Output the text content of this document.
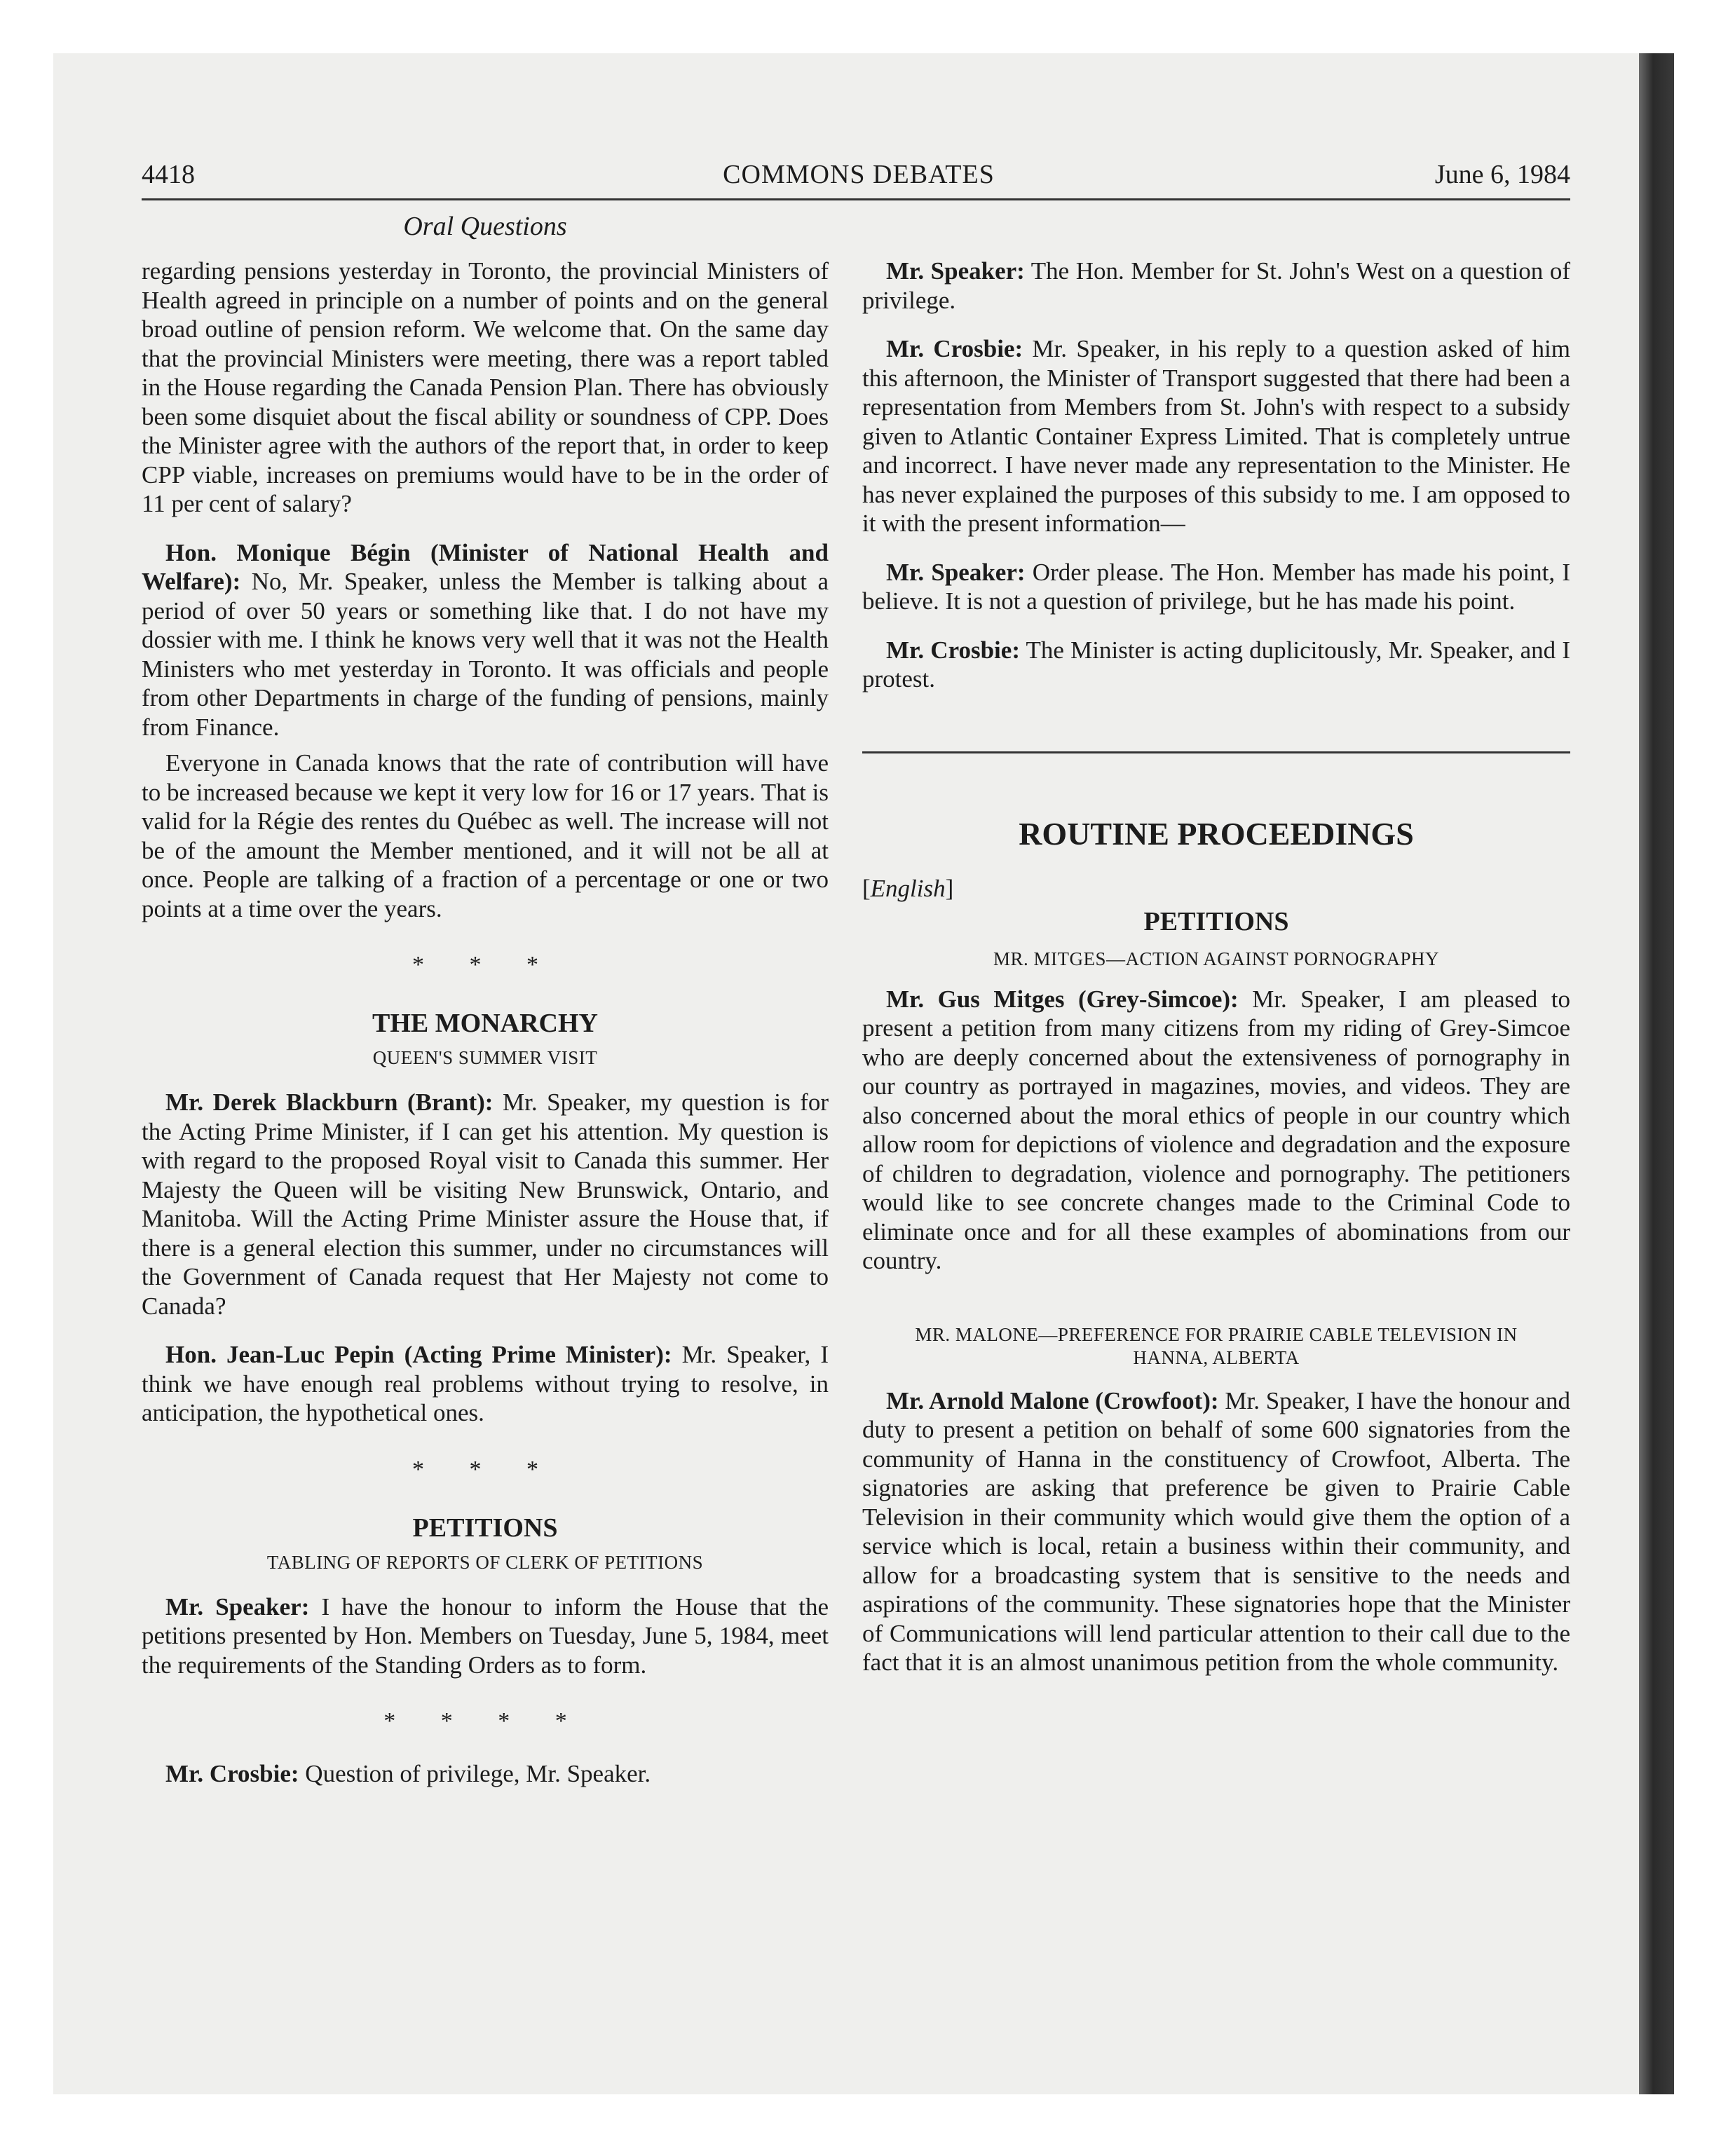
4418	COMMONS DEBATES	June 6, 1984
Oral Questions

regarding pensions yesterday in Toronto, the provincial Ministers of Health agreed in principle on a number of points and on the general broad outline of pension reform. We welcome that. On the same day that the provincial Ministers were meeting, there was a report tabled in the House regarding the Canada Pension Plan. There has obviously been some disquiet about the fiscal ability or soundness of CPP. Does the Minister agree with the authors of the report that, in order to keep CPP viable, increases on premiums would have to be in the order of 11 per cent of salary?

Hon. Monique Bégin (Minister of National Health and Welfare): No, Mr. Speaker, unless the Member is talking about a period of over 50 years or something like that. I do not have my dossier with me. I think he knows very well that it was not the Health Ministers who met yesterday in Toronto. It was officials and people from other Departments in charge of the funding of pensions, mainly from Finance.

Everyone in Canada knows that the rate of contribution will have to be increased because we kept it very low for 16 or 17 years. That is valid for la Régie des rentes du Québec as well. The increase will not be of the amount the Member mentioned, and it will not be all at once. People are talking of a fraction of a percentage or one or two points at a time over the years.

* * *
THE MONARCHY
QUEEN'S SUMMER VISIT

Mr. Derek Blackburn (Brant): Mr. Speaker, my question is for the Acting Prime Minister, if I can get his attention. My question is with regard to the proposed Royal visit to Canada this summer. Her Majesty the Queen will be visiting New Brunswick, Ontario, and Manitoba. Will the Acting Prime Minister assure the House that, if there is a general election this summer, under no circumstances will the Government of Canada request that Her Majesty not come to Canada?

Hon. Jean-Luc Pepin (Acting Prime Minister): Mr. Speaker, I think we have enough real problems without trying to resolve, in anticipation, the hypothetical ones.

* * *
PETITIONS
TABLING OF REPORTS OF CLERK OF PETITIONS

Mr. Speaker: I have the honour to inform the House that the petitions presented by Hon. Members on Tuesday, June 5, 1984, meet the requirements of the Standing Orders as to form.

* * * *

Mr. Crosbie: Question of privilege, Mr. Speaker.

Mr. Speaker: The Hon. Member for St. John's West on a question of privilege.

Mr. Crosbie: Mr. Speaker, in his reply to a question asked of him this afternoon, the Minister of Transport suggested that there had been a representation from Members from St. John's with respect to a subsidy given to Atlantic Container Express Limited. That is completely untrue and incorrect. I have never made any representation to the Minister. He has never explained the purposes of this subsidy to me. I am opposed to it with the present information—

Mr. Speaker: Order please. The Hon. Member has made his point, I believe. It is not a question of privilege, but he has made his point.

Mr. Crosbie: The Minister is acting duplicitously, Mr. Speaker, and I protest.

ROUTINE PROCEEDINGS
[English]
PETITIONS
MR. MITGES—ACTION AGAINST PORNOGRAPHY

Mr. Gus Mitges (Grey-Simcoe): Mr. Speaker, I am pleased to present a petition from many citizens from my riding of Grey-Simcoe who are deeply concerned about the extensiveness of pornography in our country as portrayed in magazines, movies, and videos. They are also concerned about the moral ethics of people in our country which allow room for depictions of violence and degradation and the exposure of children to degradation, violence and pornography. The petitioners would like to see concrete changes made to the Criminal Code to eliminate once and for all these examples of abominations from our country.

MR. MALONE—PREFERENCE FOR PRAIRIE CABLE TELEVISION IN
HANNA, ALBERTA

Mr. Arnold Malone (Crowfoot): Mr. Speaker, I have the honour and duty to present a petition on behalf of some 600 signatories from the community of Hanna in the constituency of Crowfoot, Alberta. The signatories are asking that preference be given to Prairie Cable Television in their community which would give them the option of a service which is local, retain a business within their community, and allow for a broadcasting system that is sensitive to the needs and aspirations of the community. These signatories hope that the Minister of Communications will lend particular attention to their call due to the fact that it is an almost unanimous petition from the whole community.
